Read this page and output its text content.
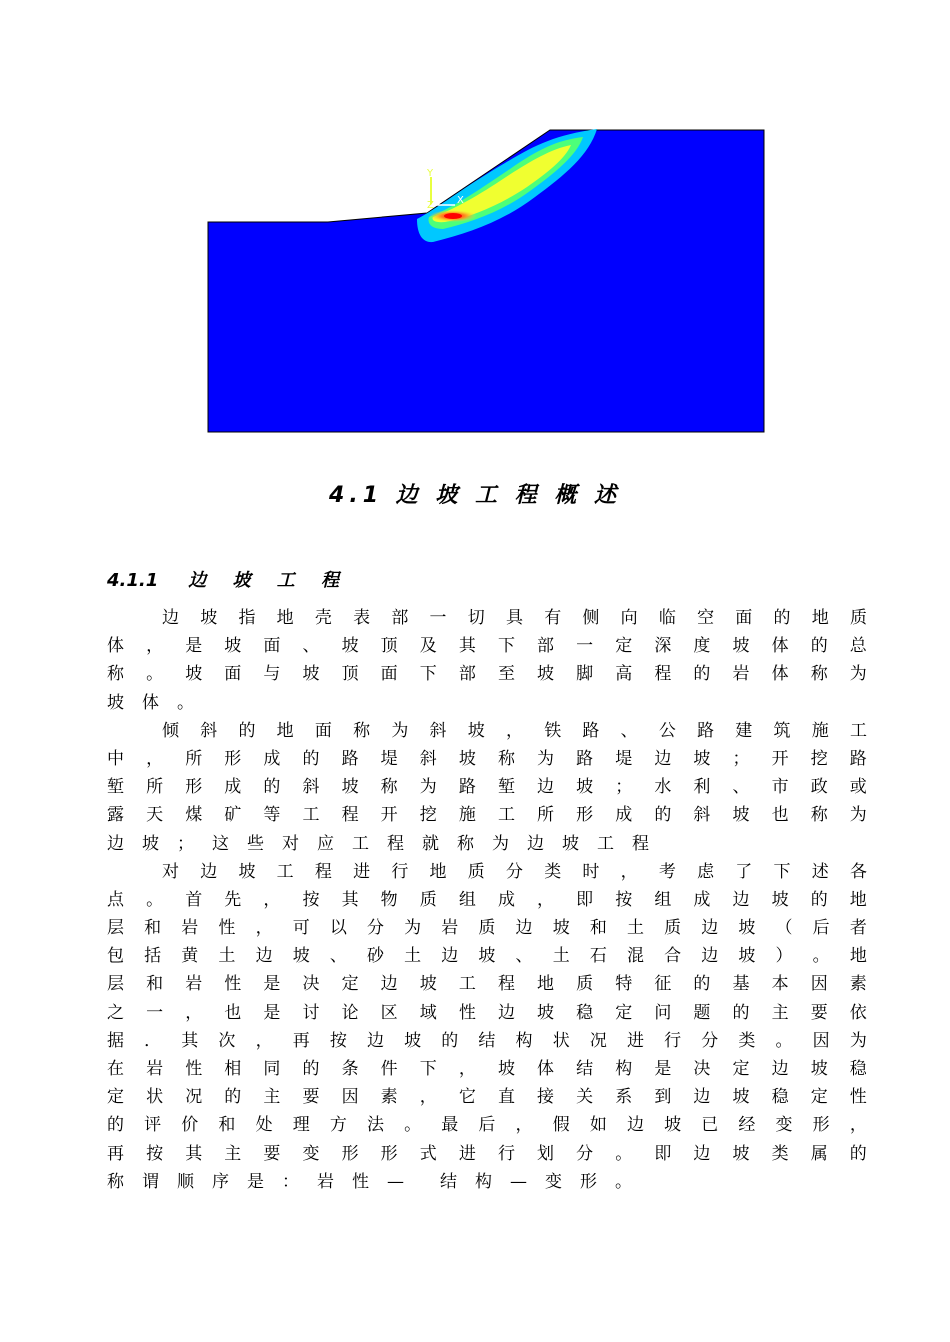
Y
Z X
4.1 边 坡 工 程 概 述
4.1.1 边 坡 工 程
边 坡 指 地 壳 表 部 一 切 具 有 侧 向 临 空 面 的 地 质
体 ， 是 坡 面 、 坡 顶 及 其 下 部 一 定 深 度 坡 体 的 总
称 。 坡 面 与 坡 顶 面 下 部 至 坡 脚 高 程 的 岩 体 称 为
坡 体 。
倾 斜 的 地 面 称 为 斜 坡 ， 铁 路 、 公 路 建 筑 施 工
中 ， 所 形 成 的 路 堤 斜 坡 称 为 路 堤 边 坡 ； 开 挖 路
堑 所 形 成 的 斜 坡 称 为 路 堑 边 坡 ； 水 利 、 市 政 或
露 天 煤 矿 等 工 程 开 挖 施 工 所 形 成 的 斜 坡 也 称 为
边 坡 ； 这 些 对 应 工 程 就 称 为 边 坡 工 程
对 边 坡 工 程 进 行 地 质 分 类 时 ， 考 虑 了 下 述 各
点 。 首 先 ， 按 其 物 质 组 成 ， 即 按 组 成 边 坡 的 地
层 和 岩 性 ， 可 以 分 为 岩 质 边 坡 和 土 质 边 坡 （ 后 者
包 括 黄 土 边 坡 、 砂 土 边 坡 、 土 石 混 合 边 坡 ） 。 地
层 和 岩 性 是 决 定 边 坡 工 程 地 质 特 征 的 基 本 因 素
之 一 ， 也 是 讨 论 区 域 性 边 坡 稳 定 问 题 的 主 要 依
据 ． 其 次 ， 再 按 边 坡 的 结 构 状 况 进 行 分 类 。 因 为
在 岩 性 相 同 的 条 件 下 ， 坡 体 结 构 是 决 定 边 坡 稳
定 状 况 的 主 要 因 素 ， 它 直 接 关 系 到 边 坡 稳 定 性
的 评 价 和 处 理 方 法 。 最 后 ， 假 如 边 坡 已 经 变 形 ，
再 按 其 主 要 变 形 形 式 进 行 划 分 。 即 边 坡 类 属 的
称 谓 顺 序 是 ： 岩 性 — 结 构 — 变 形 。
